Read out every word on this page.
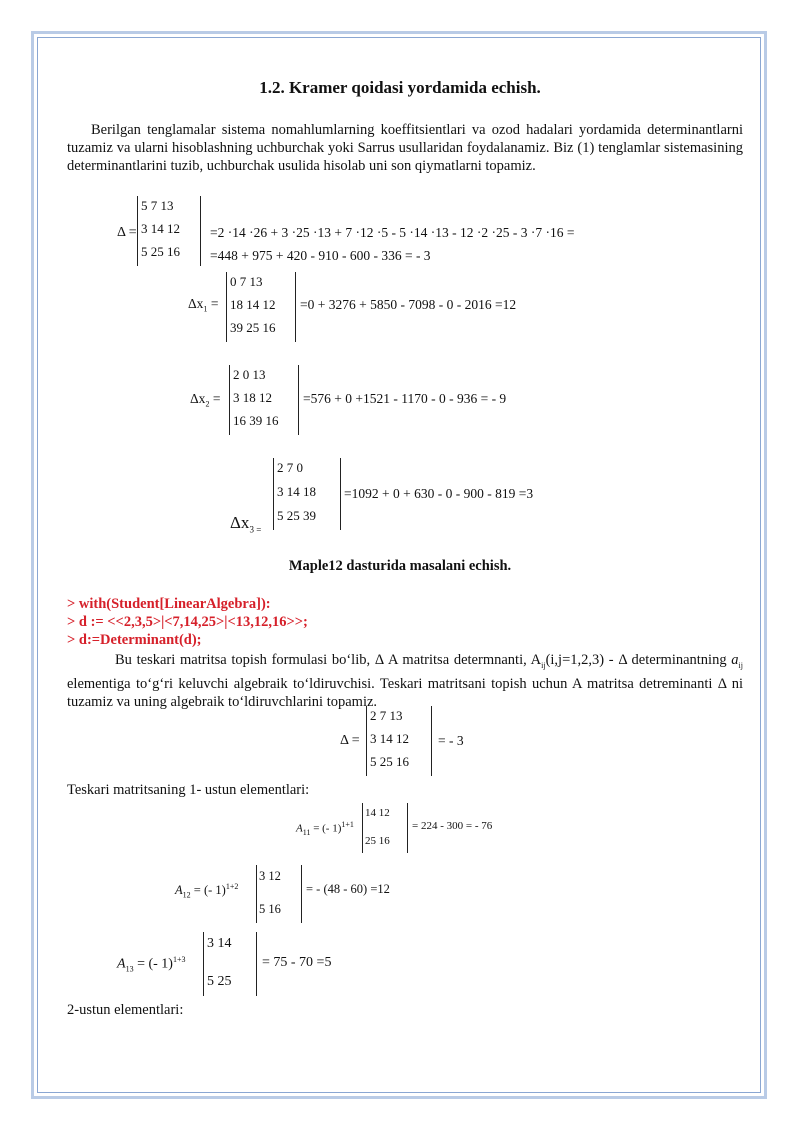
1.2. Kramer qoidasi yordamida echish.
Berilgan tenglamalar sistema nomahlumlarning koeffitsientlari va ozod hadalari yordamida determinantlarni tuzamiz va ularni hisoblashning uchburchak yoki Sarrus usullaridan foydalanamiz. Biz (1) tenglamlar sistemasining determinantlarini tuzib, uchburchak usulida hisolab uni son qiymatlarni topamiz.
Δ =
5 7 13
3 14 12
5 25 16
=2 ·14 ·26 + 3 ·25 ·13 + 7 ·12 ·5 - 5 ·14 ·13 - 12 ·2 ·25 - 3 ·7 ·16 =
=448 + 975 + 420 - 910 - 600 - 336 = - 3
$\Delta x_1$ =
0 7 13
18 14 12
39 25 16
=0 + 3276 + 5850 - 7098 - 0 - 2016 =12
$\Delta x_2$ =
2 0 13
3 18 12
16 39 16
=576 + 0 +1521 - 1170 - 0 - 936 = - 9
$\Delta x_{3 =}$
2 7 0
3 14 18
5 25 39
=1092 + 0 + 630 - 0 - 900 - 819 =3
Maple12 dasturida masalani echish.
> with(Student[LinearAlgebra]):
> d := <<2,3,5>|<7,14,25>|<13,12,16>>;
> d:=Determinant(d);
Bu teskari matritsa topish formulasi bo‘lib, Δ A matritsa determnanti, $A_{ij}(i,j=1,2,3) - \Delta$ determinantning $a_{ij}$ elementiga to‘g‘ri keluvchi algebraik to‘ldiruvchisi. Teskari matritsani topish uchun A matritsa detreminanti Δ ni tuzamiz va uning algebraik to‘ldiruvchlarini topamiz.
Δ =
2 7 13
3 14 12
5 25 16
= - 3
Teskari matritsaning 1- ustun elementlari:
$A_{11}$ = (- 1)$^{1+1}$
14 12
25 16
= 224 - 300 = - 76
$A_{12}$ = (- 1)$^{1+2}$
3 12
5 16
= - (48 - 60) =12
$A_{13}$ = (- 1)$^{1+3}$
3 14
5 25
= 75 - 70 =5
2-ustun elementlari:
